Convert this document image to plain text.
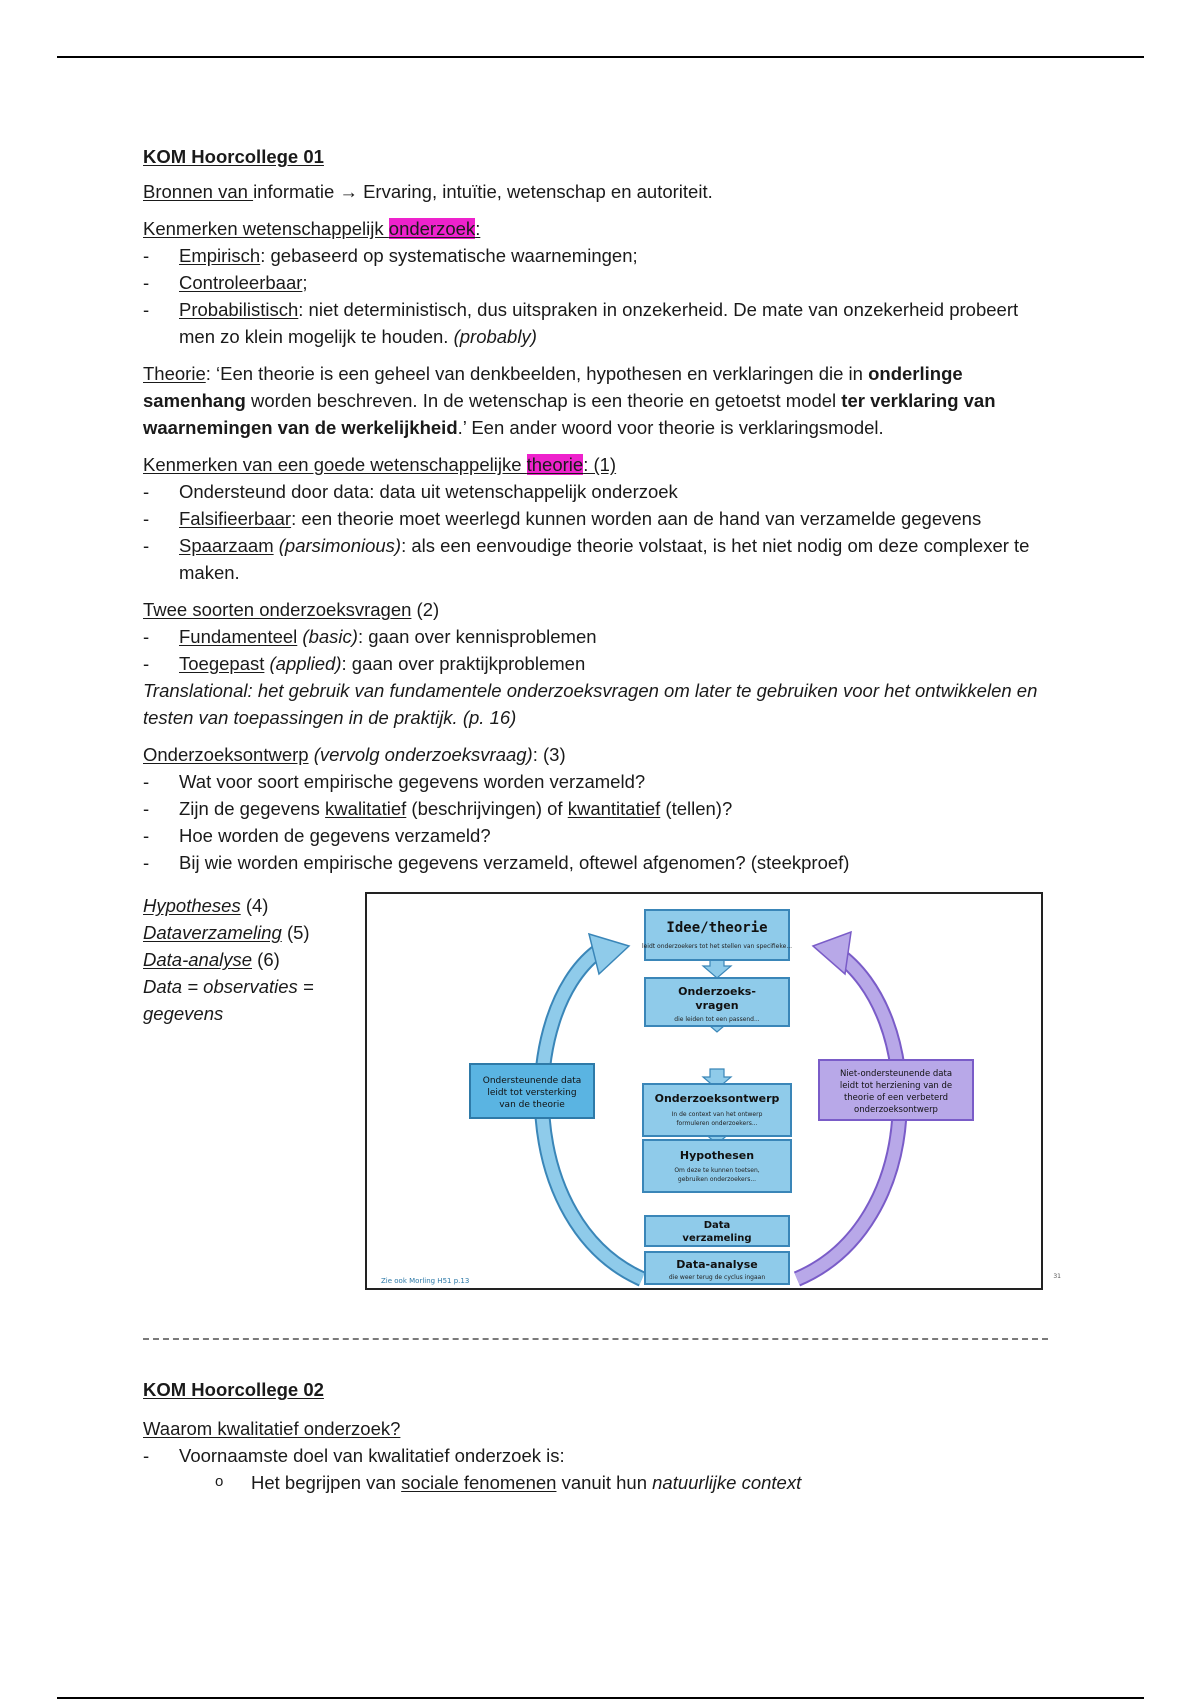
KOM Hoorcollege 01

Bronnen van informatie → Ervaring, intuïtie, wetenschap en autoriteit.

Kenmerken wetenschappelijk onderzoek:

- Empirisch: gebaseerd op systematische waarnemingen;
- Controleerbaar;
- Probabilistisch: niet deterministisch, dus uitspraken in onzekerheid. De mate van onzekerheid probeert men zo klein mogelijk te houden. (probably)

Theorie: ‘Een theorie is een geheel van denkbeelden, hypothesen en verklaringen die in onderlinge samenhang worden beschreven. In de wetenschap is een theorie en getoetst model ter verklaring van waarnemingen van de werkelijkheid.’ Een ander woord voor theorie is verklaringsmodel.

Kenmerken van een goede wetenschappelijke theorie: (1)

- Ondersteund door data: data uit wetenschappelijk onderzoek
- Falsifieerbaar: een theorie moet weerlegd kunnen worden aan de hand van verzamelde gegevens
- Spaarzaam (parsimonious): als een eenvoudige theorie volstaat, is het niet nodig om deze complexer te maken.

Twee soorten onderzoeksvragen (2)

- Fundamenteel (basic): gaan over kennisproblemen
- Toegepast (applied): gaan over praktijkproblemen

Translational: het gebruik van fundamentele onderzoeksvragen om later te gebruiken voor het ontwikkelen en testen van toepassingen in de praktijk. (p. 16)

Onderzoeksontwerp (vervolg onderzoeksvraag): (3)

- Wat voor soort empirische gegevens worden verzameld?
- Zijn de gegevens kwalitatief (beschrijvingen) of kwantitatief (tellen)?
- Hoe worden de gegevens verzameld?
- Bij wie worden empirische gegevens verzameld, oftewel afgenomen? (steekproef)
Hypotheses (4)
Dataverzameling (5)
Data-analyse (6)
Data = observaties = gegevens
Idee/theorie
leidt onderzoekers tot het stellen van specifieke...
Onderzoeks-
vragen
die leiden tot een passend...
Onderzoeksontwerp
In de context van het ontwerp
formuleren onderzoekers...
Hypothesen
Om deze te kunnen toetsen,
gebruiken onderzoekers...
Data
verzameling
Data-analyse
die weer terug de cyclus ingaan
Ondersteunende data
leidt tot versterking
van de theorie
Niet-ondersteunende data
leidt tot herziening van de
theorie of een verbeterd
onderzoeksontwerp
Zie ook Morling H51 p.13
31

KOM Hoorcollege 02

Waarom kwalitatief onderzoek?

- Voornaamste doel van kwalitatief onderzoek is:
o Het begrijpen van sociale fenomenen vanuit hun natuurlijke context
